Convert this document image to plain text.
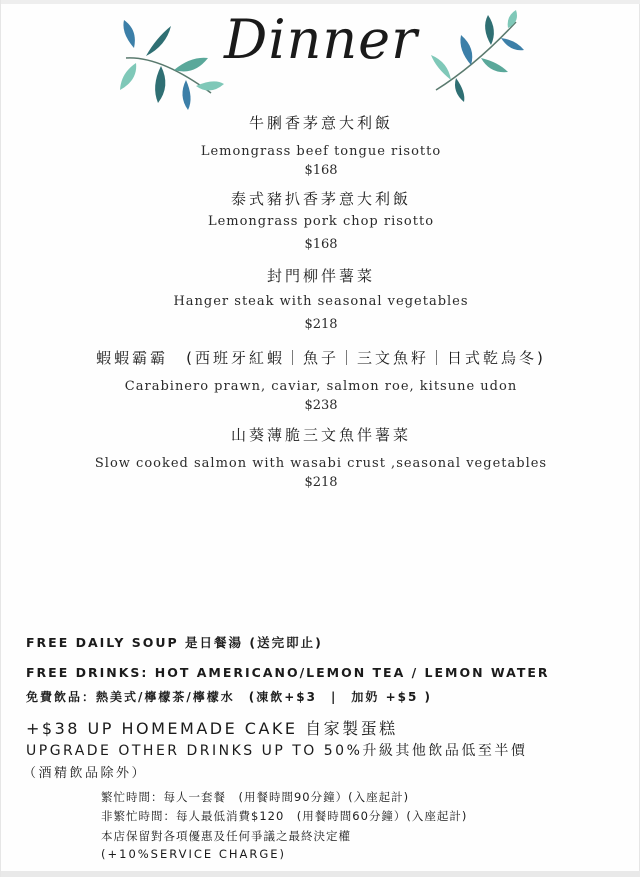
Dinner
牛脷香茅意大利飯
Lemongrass beef tongue risotto
$168
泰式豬扒香茅意大利飯
Lemongrass pork chop risotto
$168
封門柳伴薯菜
Hanger steak with seasonal vegetables
$218
蝦蝦霸霸　(西班牙紅蝦｜魚子｜三文魚籽｜日式乾烏冬)
Carabinero prawn, caviar, salmon roe, kitsune udon
$238
山葵薄脆三文魚伴薯菜
Slow cooked salmon with wasabi crust ,seasonal vegetables
$218
FREE DAILY SOUP 是日餐湯 (送完即止)
FREE DRINKS: HOT AMERICANO/LEMON TEA / LEMON WATER
免費飲品：熱美式/檸檬茶/檸檬水　(凍飲+$3　|　加奶 +$5 )
+$38 UP HOMEMADE CAKE 自家製蛋糕
UPGRADE OTHER DRINKS UP TO 50%升級其他飲品低至半價
（酒精飲品除外）
繁忙時間：每人一套餐　(用餐時間90分鐘）(入座起計)
非繁忙時間：每人最低消費$120　(用餐時間60分鐘）(入座起計)
本店保留對各項優惠及任何爭議之最終決定權
(+10%SERVICE CHARGE)
